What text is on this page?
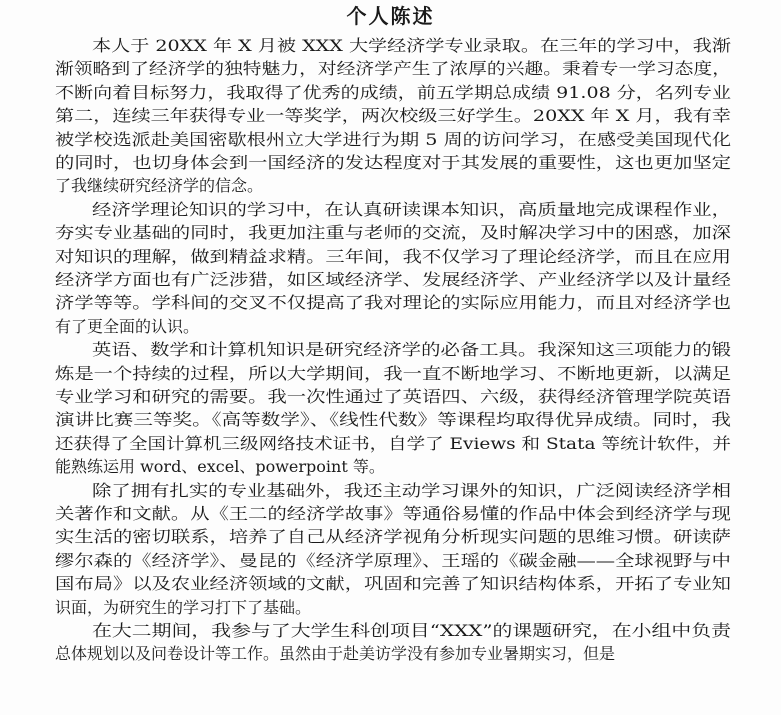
个人陈述
本人于 20XX 年 X 月被 XXX 大学经济学专业录取。在三年的学习中，我渐
渐领略到了经济学的独特魅力，对经济学产生了浓厚的兴趣。秉着专一学习态度，
不断向着目标努力，我取得了优秀的成绩，前五学期总成绩 91.08 分，名列专业
第二，连续三年获得专业一等奖学，两次校级三好学生。20XX 年 X 月，我有幸
被学校选派赴美国密歇根州立大学进行为期 5 周的访问学习，在感受美国现代化
的同时，也切身体会到一国经济的发达程度对于其发展的重要性，这也更加坚定
了我继续研究经济学的信念。
经济学理论知识的学习中，在认真研读课本知识，高质量地完成课程作业，
夯实专业基础的同时，我更加注重与老师的交流，及时解决学习中的困惑，加深
对知识的理解，做到精益求精。三年间，我不仅学习了理论经济学，而且在应用
经济学方面也有广泛涉猎，如区域经济学、发展经济学、产业经济学以及计量经
济学等等。学科间的交叉不仅提高了我对理论的实际应用能力，而且对经济学也
有了更全面的认识。
英语、数学和计算机知识是研究经济学的必备工具。我深知这三项能力的锻
炼是一个持续的过程，所以大学期间，我一直不断地学习、不断地更新，以满足
专业学习和研究的需要。我一次性通过了英语四、六级，获得经济管理学院英语
演讲比赛三等奖。《高等数学》、《线性代数》等课程均取得优异成绩。同时，我
还获得了全国计算机三级网络技术证书，自学了 Eviews 和 Stata 等统计软件，并
能熟练运用 word、excel、powerpoint 等。
除了拥有扎实的专业基础外，我还主动学习课外的知识，广泛阅读经济学相
关著作和文献。从《王二的经济学故事》等通俗易懂的作品中体会到经济学与现
实生活的密切联系，培养了自己从经济学视角分析现实问题的思维习惯。研读萨
缪尔森的《经济学》、曼昆的《经济学原理》、王瑶的《碳金融——全球视野与中
国布局》以及农业经济领域的文献，巩固和完善了知识结构体系，开拓了专业知
识面，为研究生的学习打下了基础。
在大二期间，我参与了大学生科创项目“XXX”的课题研究，在小组中负责
总体规划以及问卷设计等工作。虽然由于赴美访学没有参加专业暑期实习，但是
